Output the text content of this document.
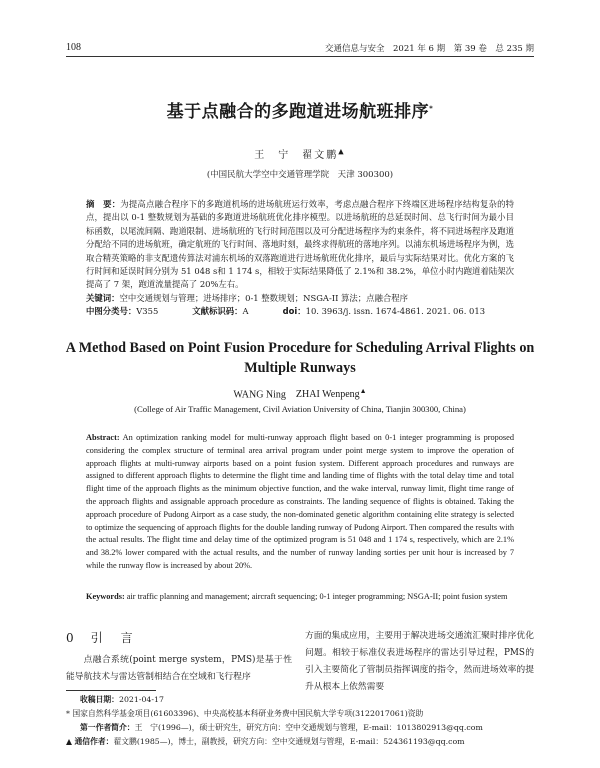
108	交通信息与安全　2021 年 6 期　第 39 卷　总 235 期
基于点融合的多跑道进场航班排序*
王　宁　翟文鹏▲
(中国民航大学空中交通管理学院　天津 300300)
摘　要：为提高点融合程序下的多跑道机场的进场航班运行效率，考虑点融合程序下终端区进场程序结构复杂的特点，提出以 0-1 整数规划为基础的多跑道进场航班优化排序模型。以进场航班的总延误时间、总飞行时间为最小目标函数，以尾流间隔、跑道限制、进场航班的飞行时间范围以及可分配进场程序为约束条件，将不同进场程序及跑道分配给不同的进场航班，确定航班的飞行时间、落地时刻，最终求得航班的落地序列。以浦东机场进场程序为例，选取合精英策略的非支配遗传算法对浦东机场的双落跑道进行进场航班优化排序，最后与实际结果对比。优化方案的飞行时间和延误时间分别为 51 048 s和 1 174 s，相较于实际结果降低了 2.1%和 38.2%，单位小时内跑道着陆架次提高了 7 架，跑道流量提高了 20%左右。
关键词：空中交通规划与管理；进场排序；0-1 整数规划；NSGA-II 算法；点融合程序
中图分类号：V355	文献标识码：A	doi：10. 3963/j. issn. 1674-4861. 2021. 06. 013
A Method Based on Point Fusion Procedure for Scheduling Arrival Flights on Multiple Runways
WANG Ning ZHAI Wenpeng▲
(College of Air Traffic Management, Civil Aviation University of China, Tianjin 300300, China)
Abstract: An optimization ranking model for multi-runway approach flight based on 0-1 integer programming is proposed considering the complex structure of terminal area arrival program under point merge system to improve the operation of approach flights at multi-runway airports based on a point fusion system. Different approach procedures and runways are assigned to different approach flights to determine the flight time and landing time of flights with the total delay time and total flight time of the approach flights as the minimum objective function, and the wake interval, runway limit, flight time range of the approach flights and assignable approach procedure as constraints. The landing sequence of flights is obtained. Taking the approach procedure of Pudong Airport as a case study, the non-dominated genetic algorithm containing elite strategy is selected to optimize the sequencing of approach flights for the double landing runway of Pudong Airport. Then compared the results with the actual results. The flight time and delay time of the optimized program is 51 048 and 1 174 s, respectively, which are 2.1% and 38.2% lower compared with the actual results, and the number of runway landing sorties per unit hour is increased by 7 while the runway flow is increased by about 20%.
Keywords: air traffic planning and management; aircraft sequencing; 0-1 integer programming; NSGA-II; point fusion system
0 引　言
点融合系统(point merge system，PMS)是基于性能导航技术与雷达管制相结合在空域和飞行程序
方面的集成应用，主要用于解决进场交通流汇聚时排序优化问题。相较于标准仪表进场程序的雷达引导过程，PMS的引入主要简化了管制员指挥调度的指令，然而进场效率的提升从根本上依然需要
收稿日期：2021-04-17
* 国家自然科学基金项目(61603396)、中央高校基本科研业务费中国民航大学专项(3122017061)资助
第一作者简介：王　宁(1996—)，硕士研究生，研究方向：空中交通规划与管理，E-mail：1013802913@qq.com
▲ 通信作者：翟文鹏(1985—)，博士，副教授，研究方向：空中交通规划与管理，E-mail：524361193@qq.com
